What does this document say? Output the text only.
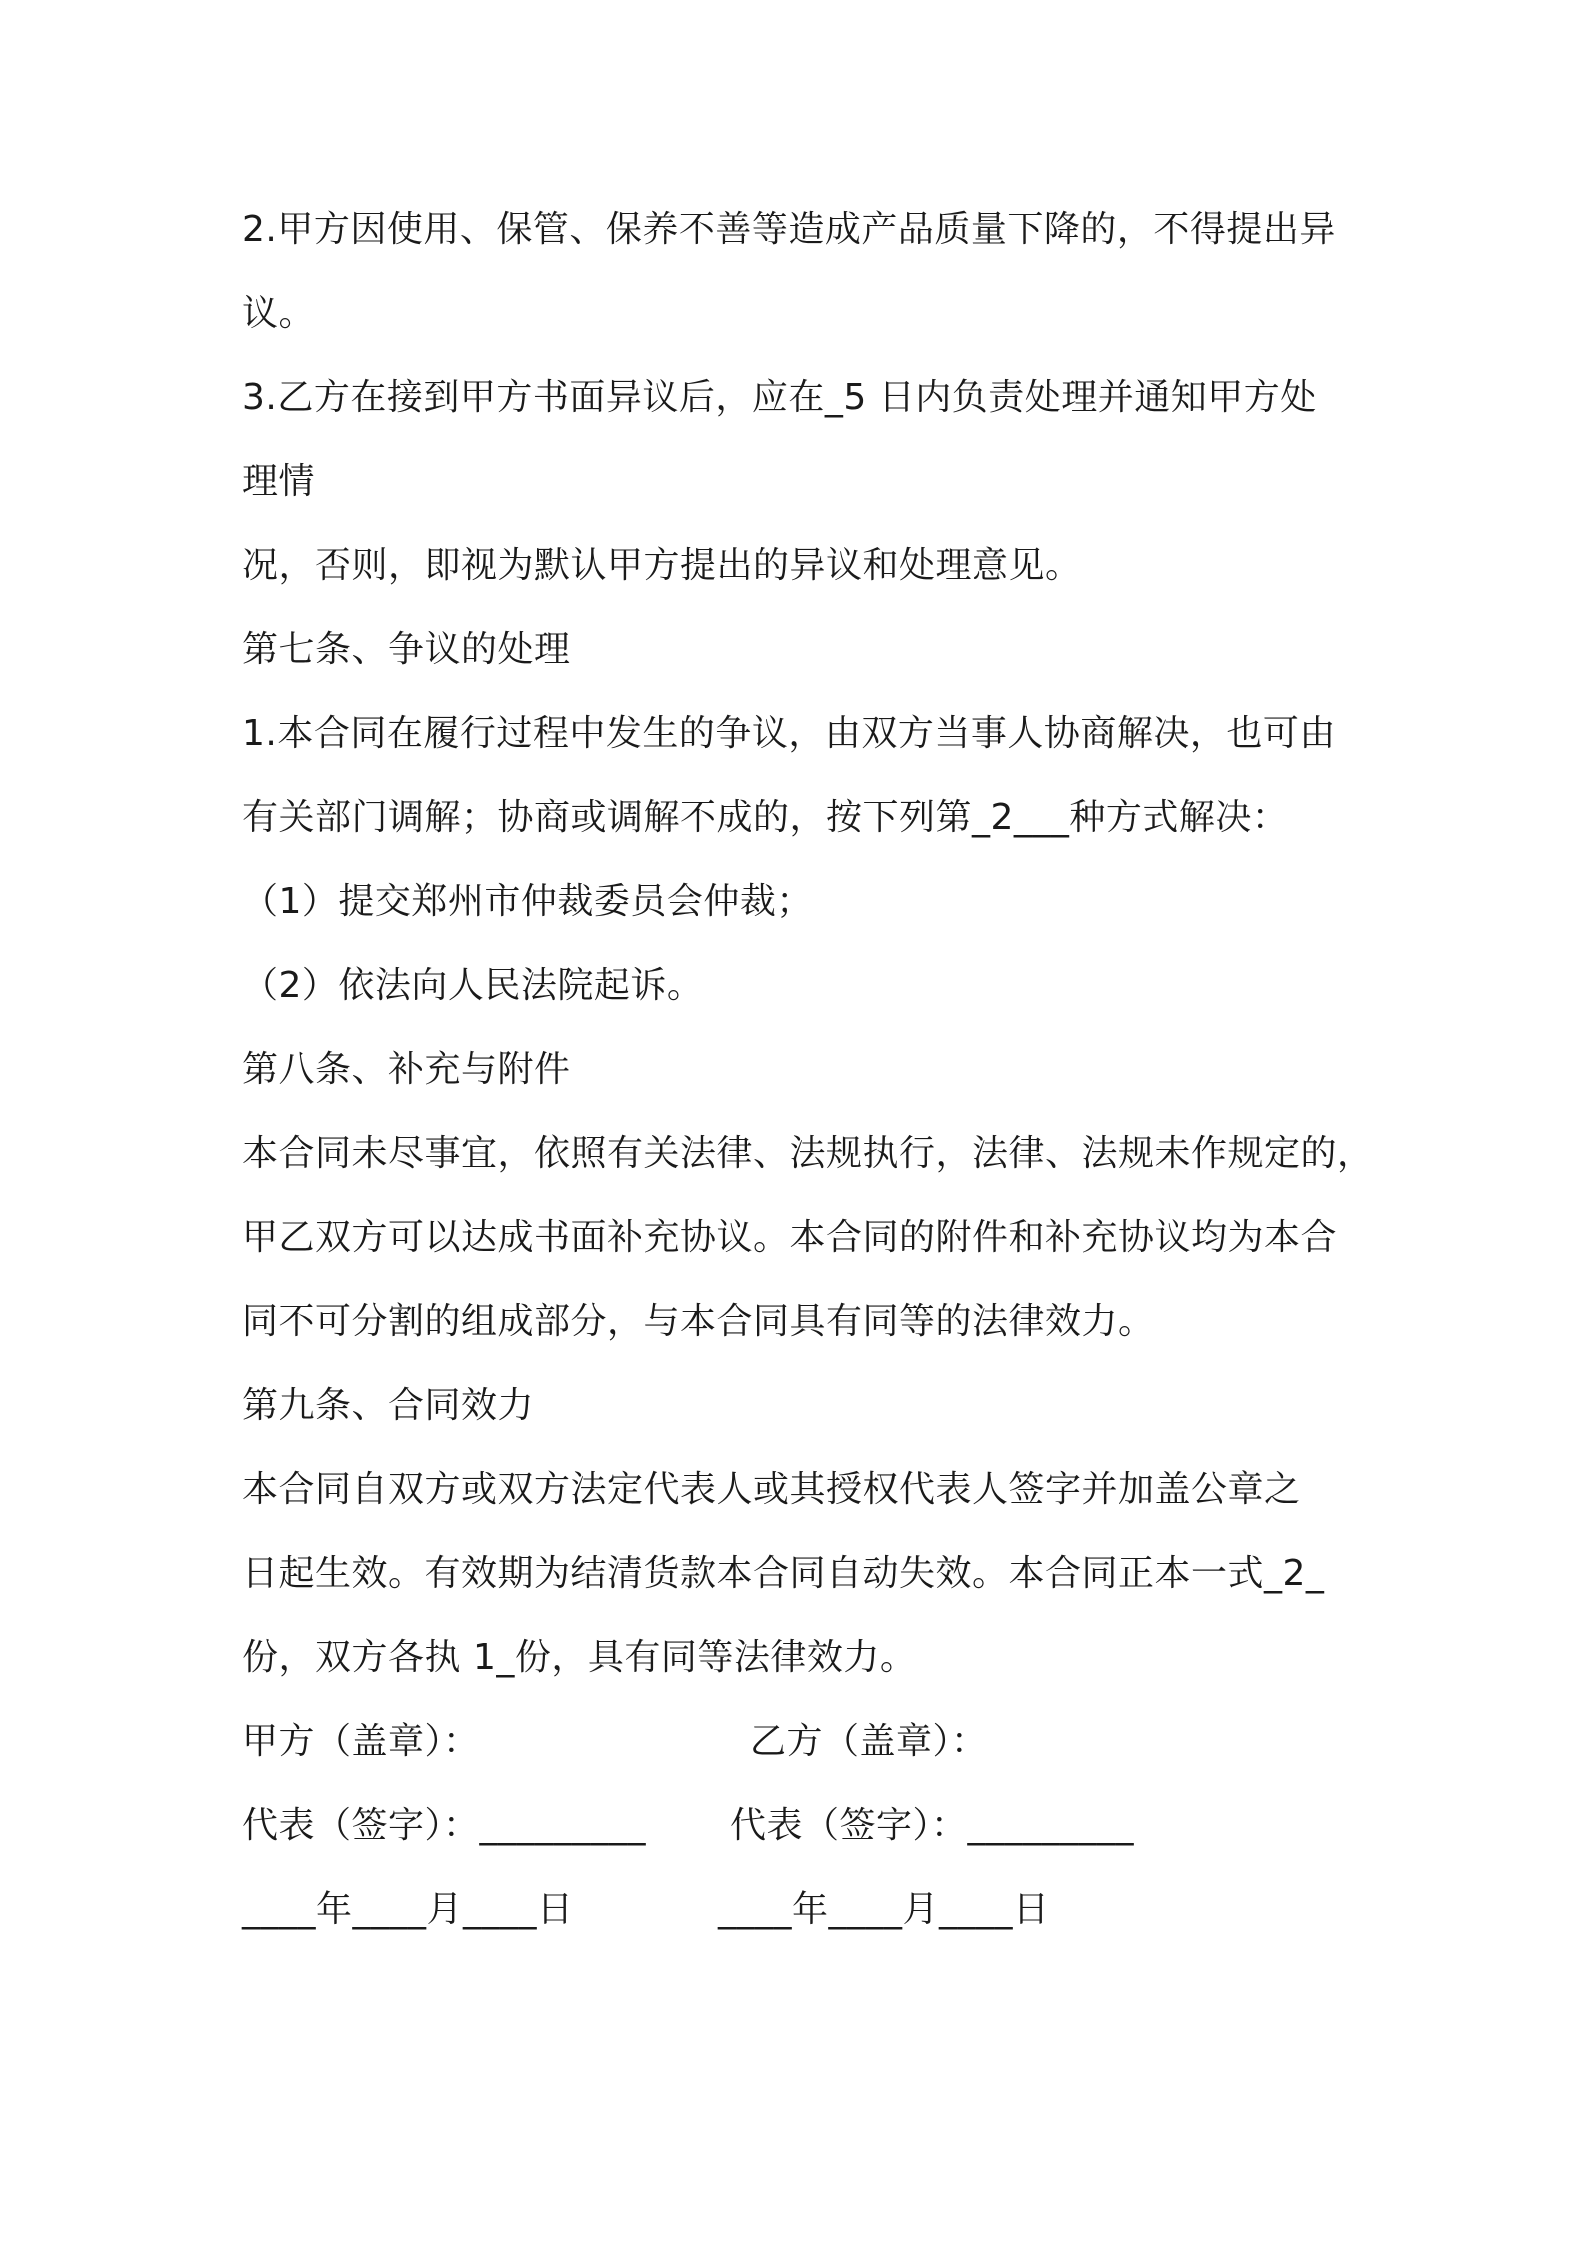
2.甲方因使用、保管、保养不善等造成产品质量下降的，不得提出异
议。
3.乙方在接到甲方书面异议后，应在_5 日内负责处理并通知甲方处
理情
况，否则，即视为默认甲方提出的异议和处理意见。
第七条、争议的处理
1.本合同在履行过程中发生的争议，由双方当事人协商解决，也可由
有关部门调解；协商或调解不成的，按下列第_2___种方式解决：
（1）提交郑州市仲裁委员会仲裁；
（2）依法向人民法院起诉。
第八条、补充与附件
本合同未尽事宜，依照有关法律、法规执行，法律、法规未作规定的，
甲乙双方可以达成书面补充协议。本合同的附件和补充协议均为本合
同不可分割的组成部分，与本合同具有同等的法律效力。
第九条、合同效力
本合同自双方或双方法定代表人或其授权代表人签字并加盖公章之
日起生效。有效期为结清货款本合同自动失效。本合同正本一式_2_
份，双方各执 1_份，具有同等法律效力。
甲方（盖章）：	乙方（盖章）：
代表（签字）：_________ 代表（签字）：_________
____年____月____日	____年____月____日
